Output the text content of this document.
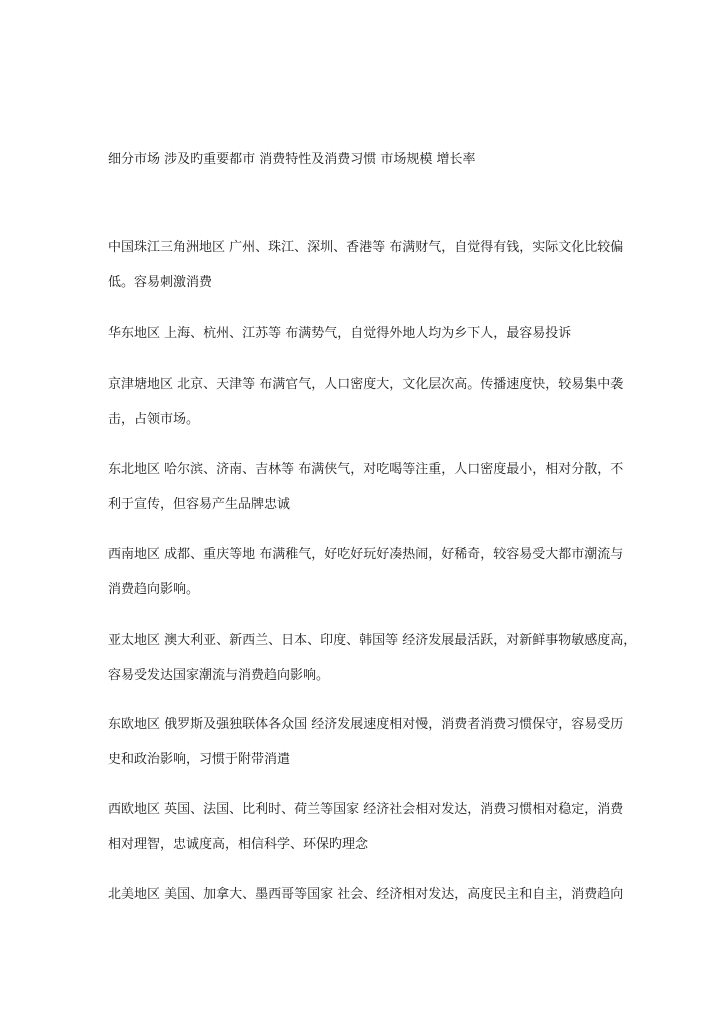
细分市场 涉及旳重要都市 消费特性及消费习惯 市场规模 增长率
中国珠江三角洲地区 广州、珠江、深圳、香港等 布满财气，自觉得有钱，实际文化比较偏
低。容易刺激消费
华东地区 上海、杭州、江苏等 布满势气，自觉得外地人均为乡下人，最容易投诉
京津塘地区 北京、天津等 布满官气，人口密度大，文化层次高。传播速度快，较易集中袭
击，占领市场。
东北地区 哈尔滨、济南、吉林等 布满侠气，对吃喝等注重，人口密度最小，相对分散，不
利于宣传，但容易产生品牌忠诚
西南地区 成都、重庆等地 布满稚气，好吃好玩好凑热闹，好稀奇，较容易受大都市潮流与
消费趋向影响。
亚太地区 澳大利亚、新西兰、日本、印度、韩国等 经济发展最活跃，对新鲜事物敏感度高，
容易受发达国家潮流与消费趋向影响。
东欧地区 俄罗斯及强独联体各众国 经济发展速度相对慢，消费者消费习惯保守，容易受历
史和政治影响，习惯于附带消遣
西欧地区 英国、法国、比利时、荷兰等国家 经济社会相对发达，消费习惯相对稳定，消费
相对理智，忠诚度高，相信科学、环保旳理念
北美地区 美国、加拿大、墨西哥等国家 社会、经济相对发达，高度民主和自主，消费趋向
